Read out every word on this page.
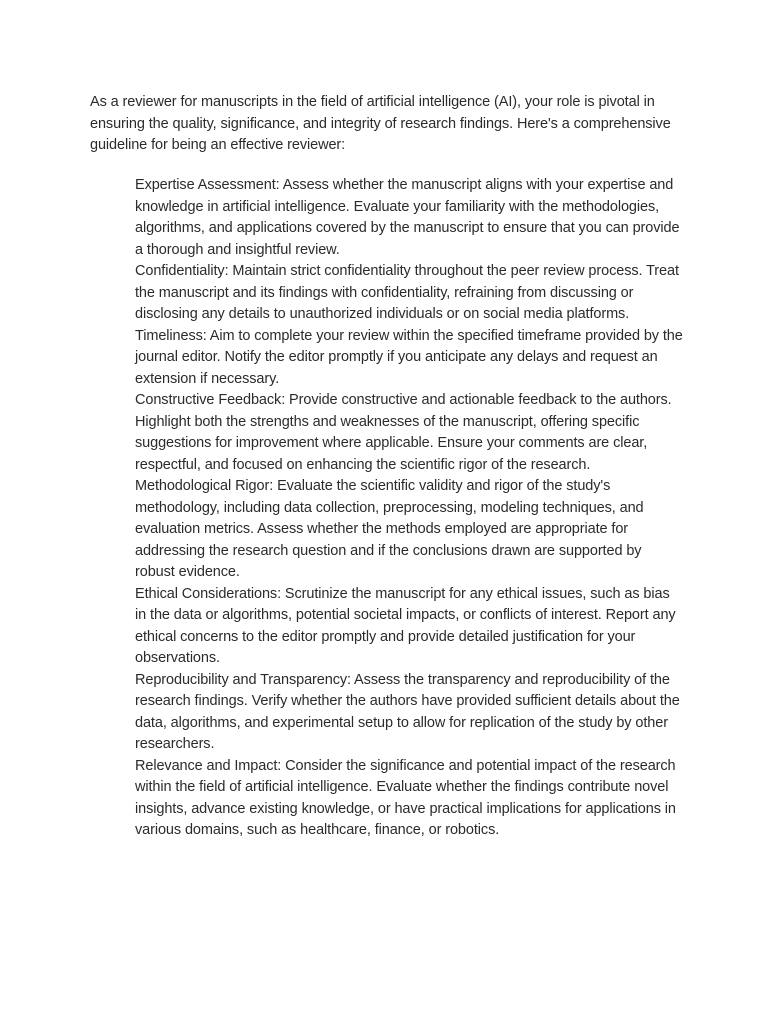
As a reviewer for manuscripts in the field of artificial intelligence (AI), your role is pivotal in ensuring the quality, significance, and integrity of research findings. Here's a comprehensive guideline for being an effective reviewer:

Expertise Assessment: Assess whether the manuscript aligns with your expertise and knowledge in artificial intelligence. Evaluate your familiarity with the methodologies, algorithms, and applications covered by the manuscript to ensure that you can provide a thorough and insightful review.
Confidentiality: Maintain strict confidentiality throughout the peer review process. Treat the manuscript and its findings with confidentiality, refraining from discussing or disclosing any details to unauthorized individuals or on social media platforms.
Timeliness: Aim to complete your review within the specified timeframe provided by the journal editor. Notify the editor promptly if you anticipate any delays and request an extension if necessary.
Constructive Feedback: Provide constructive and actionable feedback to the authors. Highlight both the strengths and weaknesses of the manuscript, offering specific suggestions for improvement where applicable. Ensure your comments are clear, respectful, and focused on enhancing the scientific rigor of the research.
Methodological Rigor: Evaluate the scientific validity and rigor of the study's methodology, including data collection, preprocessing, modeling techniques, and evaluation metrics. Assess whether the methods employed are appropriate for addressing the research question and if the conclusions drawn are supported by robust evidence.
Ethical Considerations: Scrutinize the manuscript for any ethical issues, such as bias in the data or algorithms, potential societal impacts, or conflicts of interest. Report any ethical concerns to the editor promptly and provide detailed justification for your observations.
Reproducibility and Transparency: Assess the transparency and reproducibility of the research findings. Verify whether the authors have provided sufficient details about the data, algorithms, and experimental setup to allow for replication of the study by other researchers.
Relevance and Impact: Consider the significance and potential impact of the research within the field of artificial intelligence. Evaluate whether the findings contribute novel insights, advance existing knowledge, or have practical implications for applications in various domains, such as healthcare, finance, or robotics.
